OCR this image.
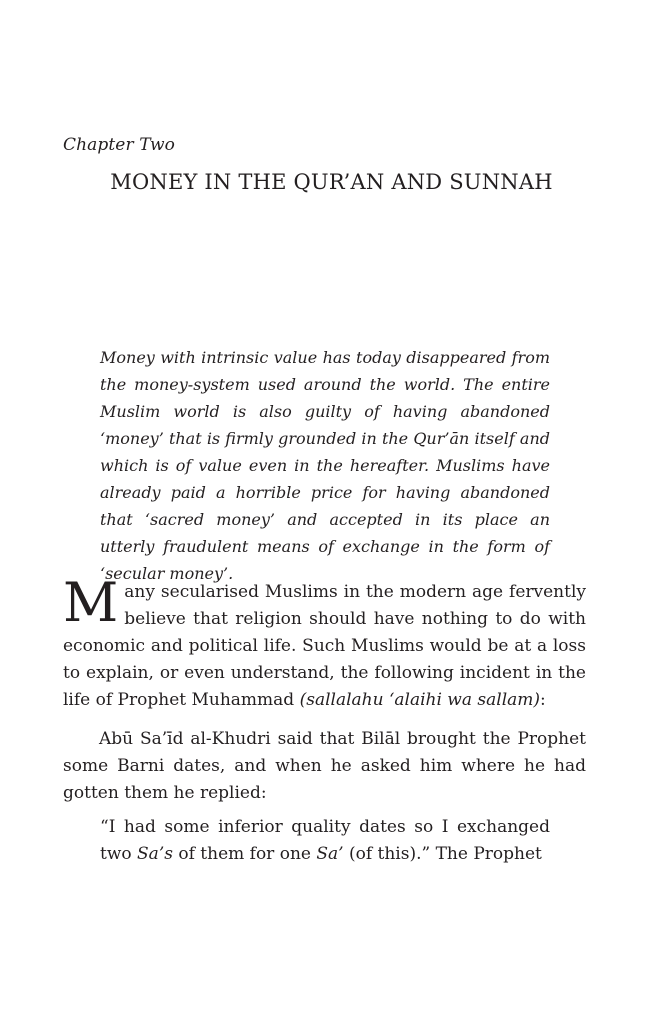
Chapter Two
MONEY IN THE QUR’AN AND SUNNAH

Money with intrinsic value has today disappeared from the money-system used around the world. The entire Muslim world is also guilty of having abandoned ‘money’ that is firmly grounded in the Qur’ān itself and which is of value even in the hereafter. Muslims have already paid a horrible price for having abandoned that ‘sacred money’ and accepted in its place an utterly fraudulent means of exchange in the form of ‘secular money’.

Many secularised Muslims in the modern age fervently believe that religion should have nothing to do with economic and political life. Such Muslims would be at a loss to explain, or even understand, the following incident in the life of Prophet Muhammad (sallalahu ‘alaihi wa sallam):

Abū Sa’īd al-Khudri said that Bilāl brought the Prophet some Barni dates, and when he asked him where he had gotten them he replied:

“I had some inferior quality dates so I exchanged two Sa’s of them for one Sa’ (of this).” The Prophet
